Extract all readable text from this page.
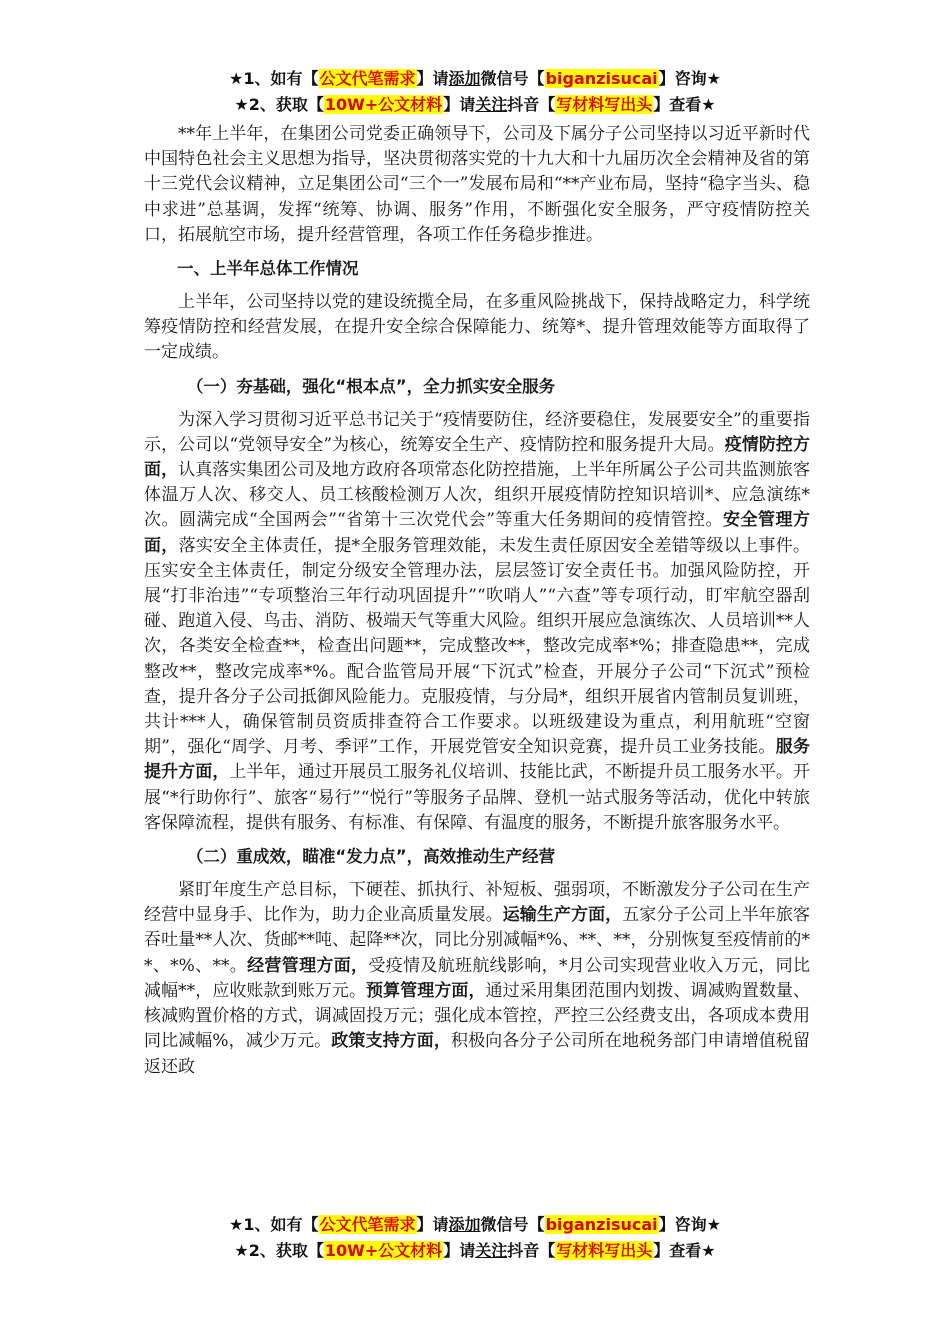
★1、如有【公文代笔需求】请添加微信号【biganzisucai】咨询★
★2、获取【10W+公文材料】请关注抖音【写材料写出头】查看★

**年上半年，在集团公司党委正确领导下，公司及下属分子公司坚持以习近平新时代中国特色社会主义思想为指导，坚决贯彻落实党的十九大和十九届历次全会精神及省的第十三党代会议精神，立足集团公司“三个一”发展布局和“**产业布局，坚持“稳字当头、稳中求进”总基调，发挥“统筹、协调、服务”作用，不断强化安全服务，严守疫情防控关口，拓展航空市场，提升经营管理，各项工作任务稳步推进。

一、上半年总体工作情况

上半年，公司坚持以党的建设统揽全局，在多重风险挑战下，保持战略定力，科学统筹疫情防控和经营发展，在提升安全综合保障能力、统筹*、提升管理效能等方面取得了一定成绩。

（一）夯基础，强化“根本点”，全力抓实安全服务

为深入学习贯彻习近平总书记关于“疫情要防住，经济要稳住，发展要安全”的重要指示，公司以“党领导安全”为核心，统筹安全生产、疫情防控和服务提升大局。疫情防控方面，认真落实集团公司及地方政府各项常态化防控措施，上半年所属公子公司共监测旅客体温万人次、移交人、员工核酸检测万人次，组织开展疫情防控知识培训*、应急演练*次。圆满完成“全国两会”“省第十三次党代会”等重大任务期间的疫情管控。安全管理方面，落实安全主体责任，提*全服务管理效能，未发生责任原因安全差错等级以上事件。压实安全主体责任，制定分级安全管理办法，层层签订安全责任书。加强风险防控，开展“打非治违”“专项整治三年行动巩固提升”“吹哨人”“六查”等专项行动，盯牢航空器刮碰、跑道入侵、鸟击、消防、极端天气等重大风险。组织开展应急演练次、人员培训**人次，各类安全检查**，检查出问题**，完成整改**，整改完成率*%；排查隐患**，完成整改**，整改完成率*%。配合监管局开展“下沉式”检查，开展分子公司“下沉式”预检查，提升各分子公司抵御风险能力。克服疫情，与分局*，组织开展省内管制员复训班，共计***人，确保管制员资质排查符合工作要求。以班级建设为重点，利用航班“空窗期”，强化“周学、月考、季评”工作，开展党管安全知识竞赛，提升员工业务技能。服务提升方面，上半年，通过开展员工服务礼仪培训、技能比武，不断提升员工服务水平。开展“*行助你行”、旅客“易行”“悦行”等服务子品牌、登机一站式服务等活动，优化中转旅客保障流程，提供有服务、有标准、有保障、有温度的服务，不断提升旅客服务水平。

（二）重成效，瞄准“发力点”，高效推动生产经营

紧盯年度生产总目标，下硬茬、抓执行、补短板、强弱项，不断激发分子公司在生产经营中显身手、比作为，助力企业高质量发展。运输生产方面，五家分子公司上半年旅客吞吐量**人次、货邮**吨、起降**次，同比分别减幅*%、**、**，分别恢复至疫情前的**、*%、**。经营管理方面，受疫情及航班航线影响，*月公司实现营业收入万元，同比减幅**，应收账款到账万元。预算管理方面，通过采用集团范围内划拨、调减购置数量、核减购置价格的方式，调减固投万元；强化成本管控，严控三公经费支出，各项成本费用同比减幅%，减少万元。政策支持方面，积极向各分子公司所在地税务部门申请增值税留返还政

★1、如有【公文代笔需求】请添加微信号【biganzisucai】咨询★
★2、获取【10W+公文材料】请关注抖音【写材料写出头】查看★
